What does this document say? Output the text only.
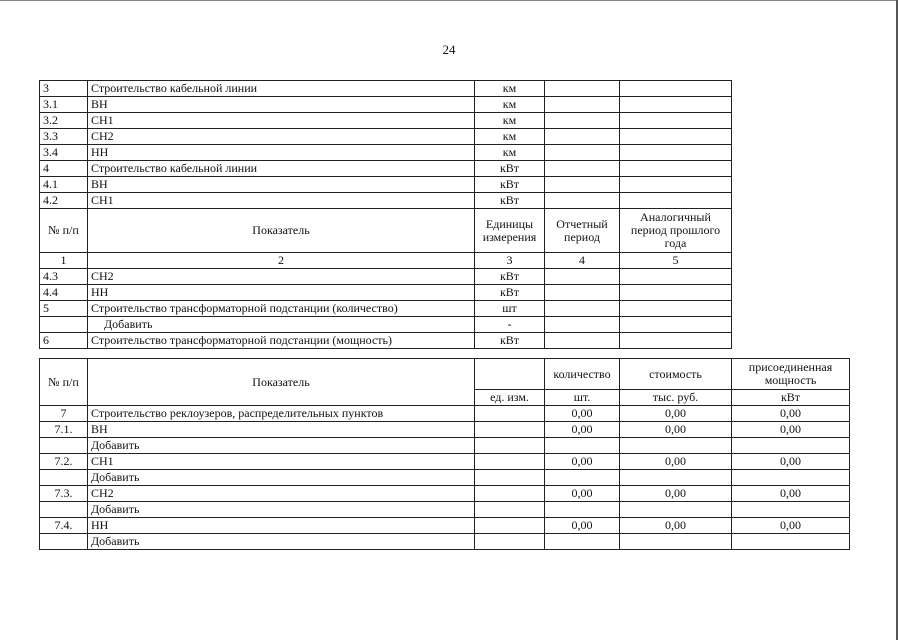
24
3	Строительство кабельной линии	км		
3.1	ВН	км		
3.2	СН1	км		
3.3	СН2	км		
3.4	НН	км		
4	Строительство кабельной линии	кВт		
4.1	ВН	кВт		
4.2	СН1	кВт		
№ п/п	Показатель	Единицы измерения	Отчетный период	Аналогичный период прошлого года
1	2	3	4	5
4.3	СН2	кВт		
4.4	НН	кВт		
5	Строительство трансформаторной подстанции (количество)	шт		
	Добавить	-		
6	Строительство трансформаторной подстанции (мощность)	кВт		
№ п/п	Показатель		количество	стоимость	присоединенная мощность
		ед. изм.	шт.	тыс. руб.	кВт
7	Строительство реклоузеров, распределительных пунктов		0,00	0,00	0,00
7.1.	ВН		0,00	0,00	0,00
	Добавить				
7.2.	СН1		0,00	0,00	0,00
	Добавить				
7.3.	СН2		0,00	0,00	0,00
	Добавить				
7.4.	НН		0,00	0,00	0,00
	Добавить				
